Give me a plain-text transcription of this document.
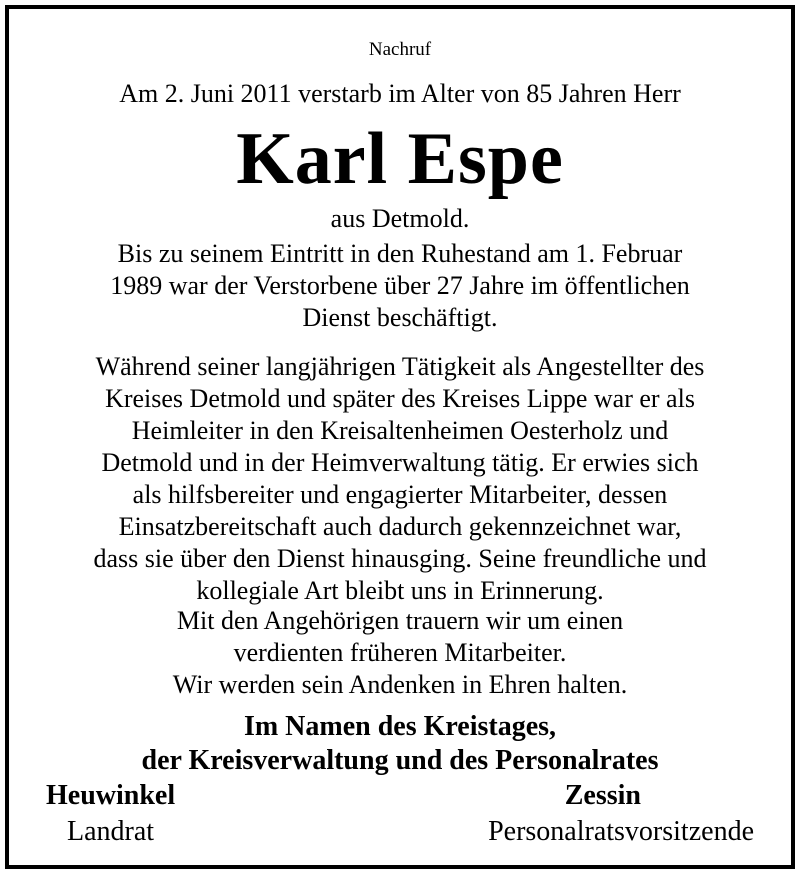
Nachruf
Am 2. Juni 2011 verstarb im Alter von 85 Jahren Herr
Karl Espe
aus Detmold.
Bis zu seinem Eintritt in den Ruhestand am 1. Februar
1989 war der Verstorbene über 27 Jahre im öffentlichen
Dienst beschäftigt.
Während seiner langjährigen Tätigkeit als Angestellter des
Kreises Detmold und später des Kreises Lippe war er als
Heimleiter in den Kreisaltenheimen Oesterholz und
Detmold und in der Heimverwaltung tätig. Er erwies sich
als hilfsbereiter und engagierter Mitarbeiter, dessen
Einsatzbereitschaft auch dadurch gekennzeichnet war,
dass sie über den Dienst hinausging. Seine freundliche und
kollegiale Art bleibt uns in Erinnerung.
Mit den Angehörigen trauern wir um einen
verdienten früheren Mitarbeiter.
Wir werden sein Andenken in Ehren halten.
Im Namen des Kreistages,
der Kreisverwaltung und des Personalrates
Heuwinkel
Landrat
Zessin
Personalratsvorsitzende
